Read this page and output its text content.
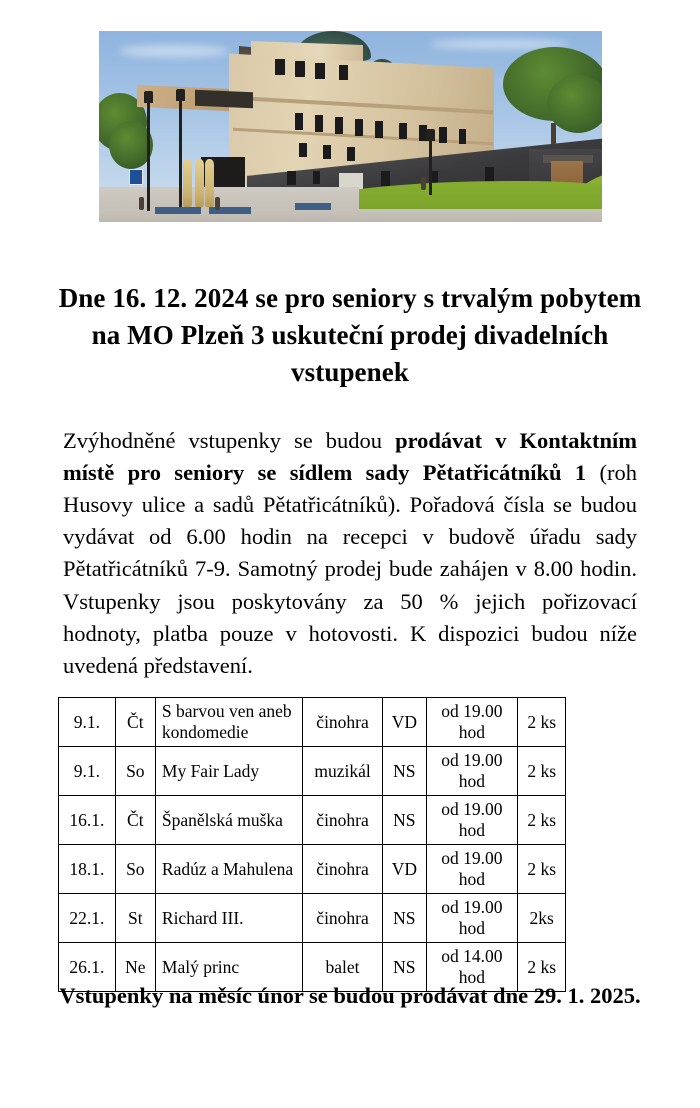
Dne 16. 12. 2024 se pro seniory s trvalým pobytem na MO Plzeň 3 uskuteční prodej divadelních vstupenek

Zvýhodněné vstupenky se budou prodávat v Kontaktním místě pro seniory se sídlem sady Pětatřicátníků 1 (roh Husovy ulice a sadů Pětatřicátníků). Pořadová čísla se budou vydávat od 6.00 hodin na recepci v budově úřadu sady Pětatřicátníků 7-9. Samotný prodej bude zahájen v 8.00 hodin. Vstupenky jsou poskytovány za 50 % jejich pořizovací hodnoty, platba pouze v hotovosti. K dispozici budou níže uvedená představení.

9.1.	Čt	S barvou ven aneb kondomedie	činohra	VD	od 19.00 hod	2 ks
9.1.	So	My Fair Lady	muzikál	NS	od 19.00 hod	2 ks
16.1.	Čt	Španělská muška	činohra	NS	od 19.00 hod	2 ks
18.1.	So	Radúz a Mahulena	činohra	VD	od 19.00 hod	2 ks
22.1.	St	Richard III.	činohra	NS	od 19.00 hod	2ks
26.1.	Ne	Malý princ	balet	NS	od 14.00 hod	2 ks

Vstupenky na měsíc únor se budou prodávat dne 29. 1. 2025.
